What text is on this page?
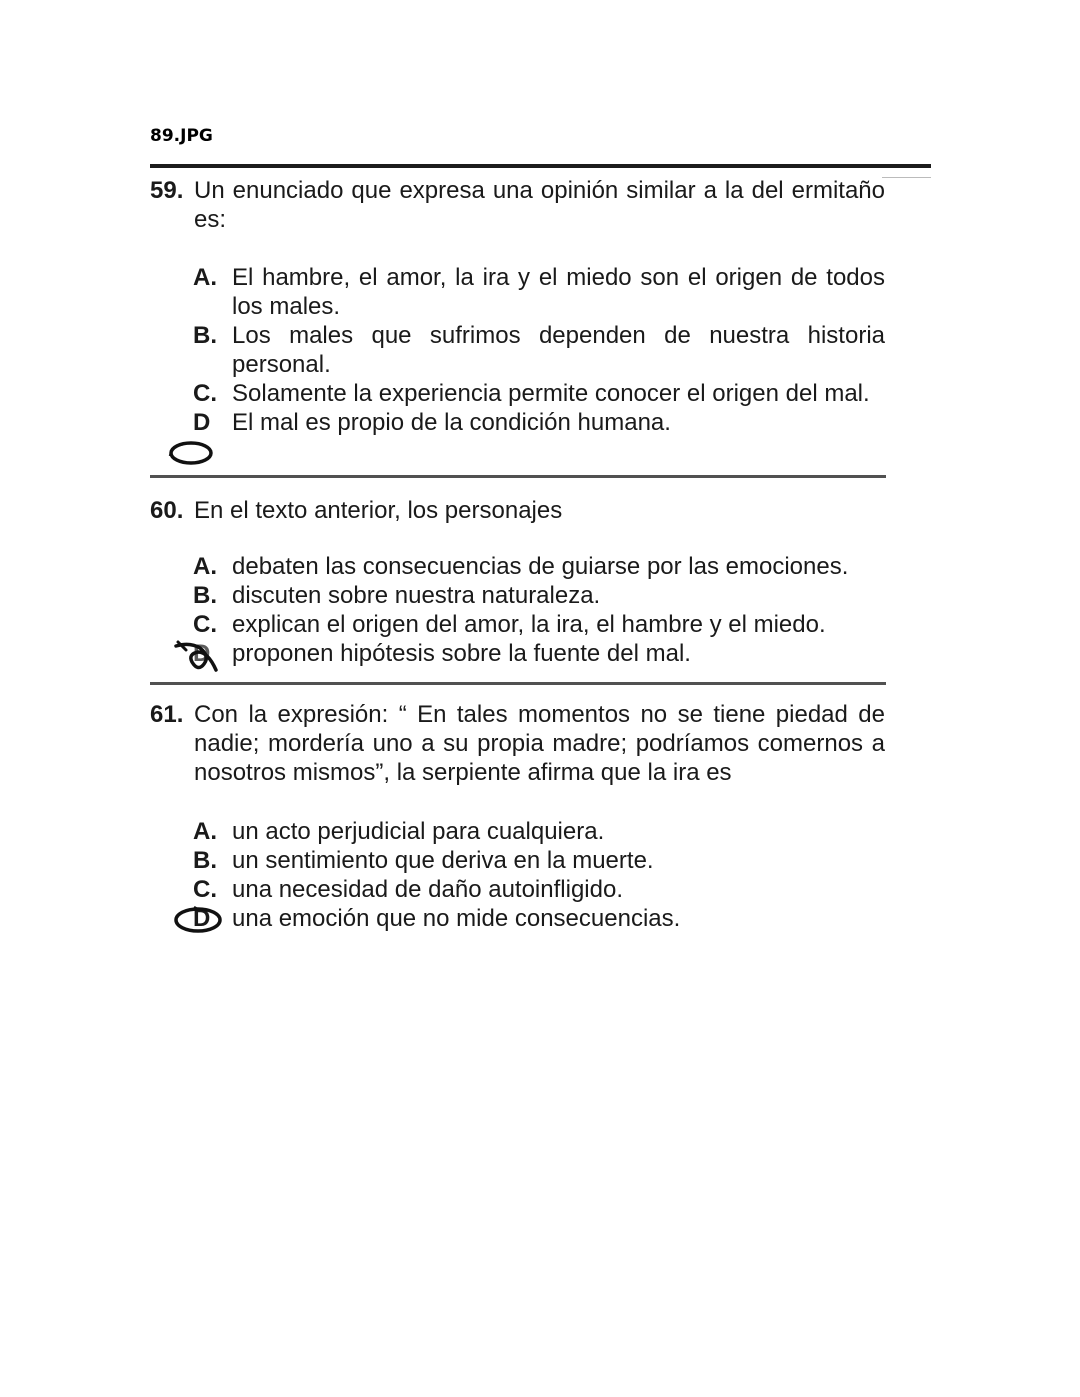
89.JPG
59. Un enunciado que expresa una opinión similar a la del ermitaño es:
A. El hambre, el amor, la ira y el miedo son el origen de todos los males.
B. Los males que sufrimos dependen de nuestra historia personal.
C. Solamente la experiencia permite conocer el origen del mal.
D El mal es propio de la condición humana.
60. En el texto anterior, los personajes
A. debaten las consecuencias de guiarse por las emociones.
B. discuten sobre nuestra naturaleza.
C. explican el origen del amor, la ira, el hambre y el miedo.
D proponen hipótesis sobre la fuente del mal.
61. Con la expresión: “ En tales momentos no se tiene piedad de nadie; mordería uno a su propia madre; podríamos comernos a nosotros mismos”, la serpiente afirma que la ira es
A. un acto perjudicial para cualquiera.
B. un sentimiento que deriva en la muerte.
C. una necesidad de daño autoinfligido.
D una emoción que no mide consecuencias.
